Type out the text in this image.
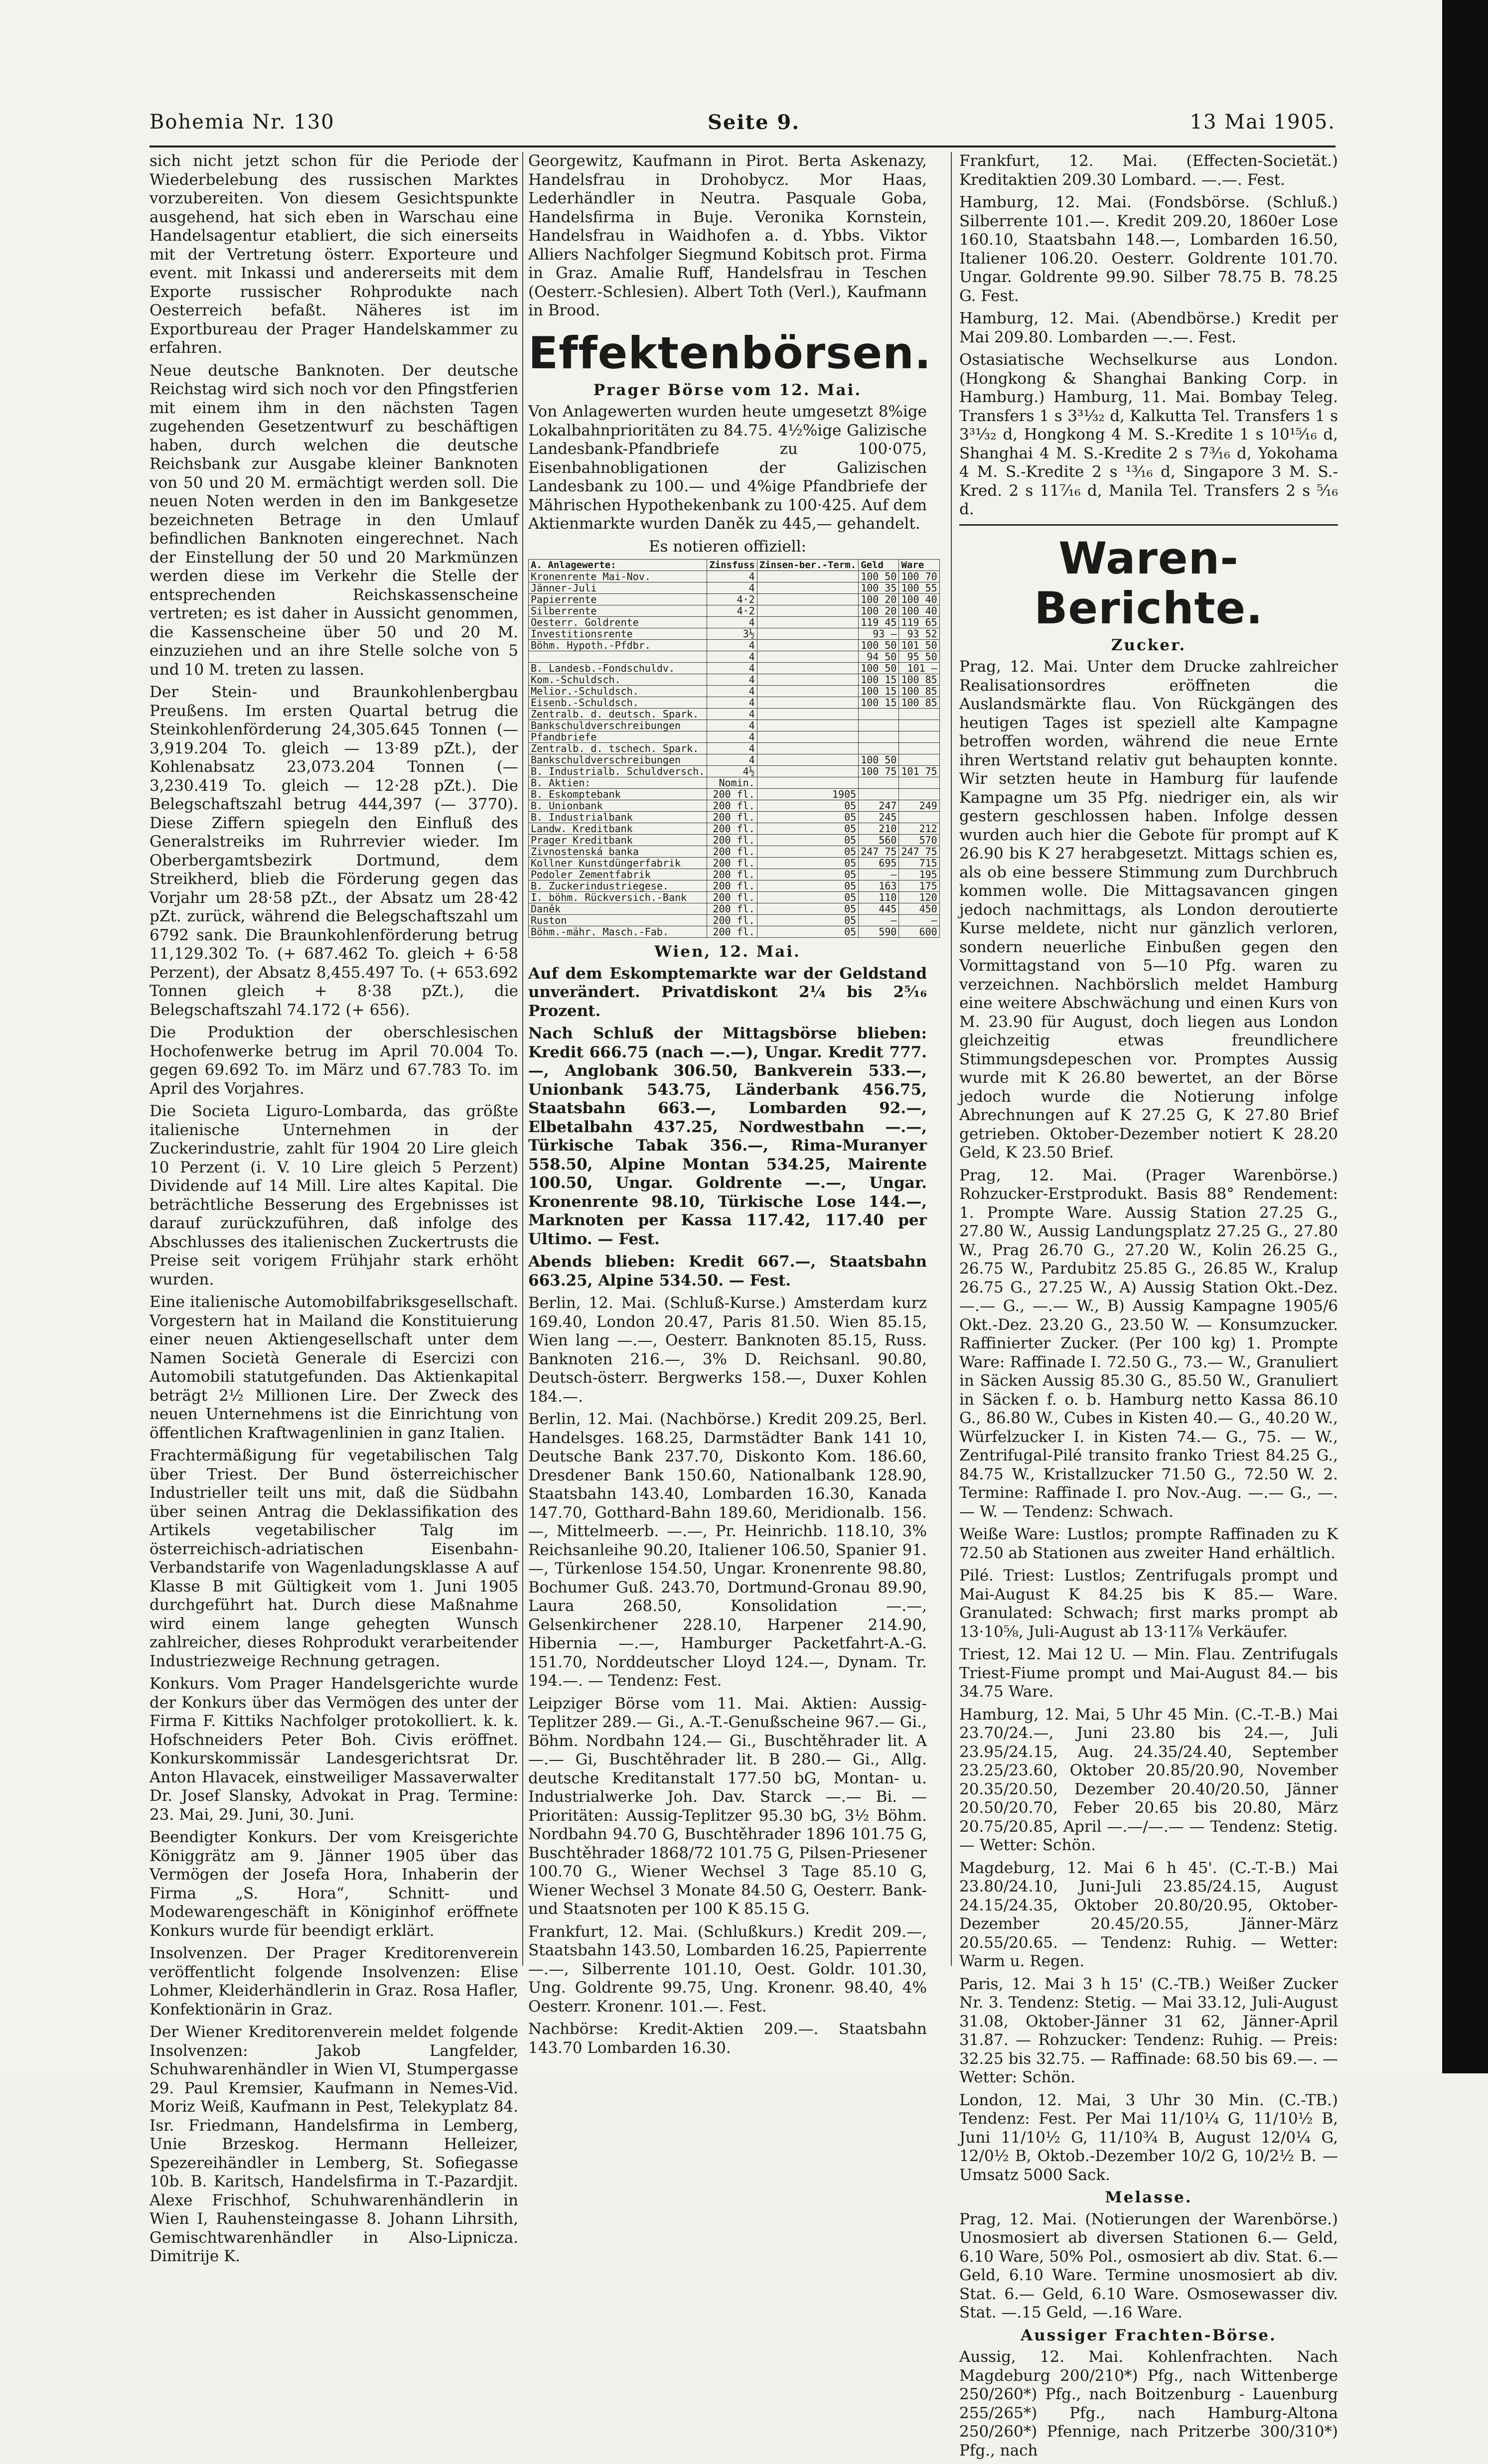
Bohemia Nr. 130	Seite 9.	13 Mai 1905.

sich nicht jetzt schon für die Periode der Wiederbelebung des russischen Marktes vorzubereiten. Von diesem Gesichtspunkte ausgehend, hat sich eben in Warschau eine Handelsagentur etabliert, die sich einerseits mit der Vertretung österr. Exporteure und event. mit Inkassi und andererseits mit dem Exporte russischer Rohprodukte nach Oesterreich befaßt. Näheres ist im Exportbureau der Prager Handelskammer zu erfahren.

Neue deutsche Banknoten. Der deutsche Reichstag wird sich noch vor den Pfingstferien mit einem ihm in den nächsten Tagen zugehenden Gesetzentwurf zu beschäftigen haben, durch welchen die deutsche Reichsbank zur Ausgabe kleiner Banknoten von 50 und 20 M. ermächtigt werden soll. Die neuen Noten werden in den im Bankgesetze bezeichneten Betrage in den Umlauf befindlichen Banknoten eingerechnet. Nach der Einstellung der 50 und 20 Markmünzen werden diese im Verkehr die Stelle der entsprechenden Reichskassenscheine vertreten; es ist daher in Aussicht genommen, die Kassenscheine über 50 und 20 M. einzuziehen und an ihre Stelle solche von 5 und 10 M. treten zu lassen.

Der Stein- und Braunkohlenbergbau Preußens. Im ersten Quartal betrug die Steinkohlenförderung 24,305.645 Tonnen (— 3,919.204 To. gleich — 13·89 pZt.), der Kohlenabsatz 23,073.204 Tonnen (— 3,230.419 To. gleich — 12·28 pZt.). Die Belegschaftszahl betrug 444,397 (— 3770). Diese Ziffern spiegeln den Einfluß des Generalstreiks im Ruhrrevier wieder. Im Oberbergamtsbezirk Dortmund, dem Streikherd, blieb die Förderung gegen das Vorjahr um 28·58 pZt., der Absatz um 28·42 pZt. zurück, während die Belegschaftszahl um 6792 sank. Die Braunkohlenförderung betrug 11,129.302 To. (+ 687.462 To. gleich + 6·58 Perzent), der Absatz 8,455.497 To. (+ 653.692 Tonnen gleich + 8·38 pZt.), die Belegschaftszahl 74.172 (+ 656).

Die Produktion der oberschlesischen Hochofenwerke betrug im April 70.004 To. gegen 69.692 To. im März und 67.783 To. im April des Vorjahres.

Die Societa Liguro-Lombarda, das größte italienische Unternehmen in der Zuckerindustrie, zahlt für 1904 20 Lire gleich 10 Perzent (i. V. 10 Lire gleich 5 Perzent) Dividende auf 14 Mill. Lire altes Kapital. Die beträchtliche Besserung des Ergebnisses ist darauf zurückzuführen, daß infolge des Abschlusses des italienischen Zuckertrusts die Preise seit vorigem Frühjahr stark erhöht wurden.

Eine italienische Automobilfabriksgesellschaft. Vorgestern hat in Mailand die Konstituierung einer neuen Aktiengesellschaft unter dem Namen Società Generale di Esercizi con Automobili statutgefunden. Das Aktienkapital beträgt 2½ Millionen Lire. Der Zweck des neuen Unternehmens ist die Einrichtung von öffentlichen Kraftwagenlinien in ganz Italien.

Frachtermäßigung für vegetabilischen Talg über Triest. Der Bund österreichischer Industrieller teilt uns mit, daß die Südbahn über seinen Antrag die Deklassifikation des Artikels vegetabilischer Talg im österreichisch-adriatischen Eisenbahn-Verbandstarife von Wagenladungsklasse A auf Klasse B mit Gültigkeit vom 1. Juni 1905 durchgeführt hat. Durch diese Maßnahme wird einem lange gehegten Wunsch zahlreicher, dieses Rohprodukt verarbeitender Industriezweige Rechnung getragen.

Konkurs. Vom Prager Handelsgerichte wurde der Konkurs über das Vermögen des unter der Firma F. Kittiks Nachfolger protokolliert. k. k. Hofschneiders Peter Boh. Civis eröffnet. Konkurskommissär Landesgerichtsrat Dr. Anton Hlavacek, einstweiliger Massaverwalter Dr. Josef Slansky, Advokat in Prag. Termine: 23. Mai, 29. Juni, 30. Juni.

Beendigter Konkurs. Der vom Kreisgerichte Königgrätz am 9. Jänner 1905 über das Vermögen der Josefa Hora, Inhaberin der Firma „S. Hora“, Schnitt- und Modewarengeschäft in Königinhof eröffnete Konkurs wurde für beendigt erklärt.

Insolvenzen. Der Prager Kreditorenverein veröffentlicht folgende Insolvenzen: Elise Lohmer, Kleiderhändlerin in Graz. Rosa Hafler, Konfektionärin in Graz.

Der Wiener Kreditorenverein meldet folgende Insolvenzen: Jakob Langfelder, Schuhwarenhändler in Wien VI, Stumpergasse 29. Paul Kremsier, Kaufmann in Nemes-Vid. Moriz Weiß, Kaufmann in Pest, Telekyplatz 84. Isr. Friedmann, Handelsfirma in Lemberg, Unie Brzeskog. Hermann Helleizer, Spezereihändler in Lemberg, St. Sofiegasse 10b. B. Karitsch, Handelsfirma in T.-Pazardjit. Alexe Frischhof, Schuhwarenhändlerin in Wien I, Rauhensteingasse 8. Johann Lihrsith, Gemischtwarenhändler in Also-Lipnicza. Dimitrije K.

Georgewitz, Kaufmann in Pirot. Berta Askenazy, Handelsfrau in Drohobycz. Mor Haas, Lederhändler in Neutra. Pasquale Goba, Handelsfirma in Buje. Veronika Kornstein, Handelsfrau in Waidhofen a. d. Ybbs. Viktor Alliers Nachfolger Siegmund Kobitsch prot. Firma in Graz. Amalie Ruff, Handelsfrau in Teschen (Oesterr.-Schlesien). Albert Toth (Verl.), Kaufmann in Brood.

Effektenbörsen.
Prager Börse vom 12. Mai.

Von Anlagewerten wurden heute umgesetzt 8%ige Lokalbahnprioritäten zu 84.75. 4½%ige Galizische Landesbank-Pfandbriefe zu 100·075, Eisenbahnobligationen der Galizischen Landesbank zu 100.— und 4%ige Pfandbriefe der Mährischen Hypothekenbank zu 100·425. Auf dem Aktienmarkte wurden Daněk zu 445,— gehandelt.

Es notieren offiziell:
A. Anlagewerte:	Zinsfuss	Zinsen-ber.-Term.	Geld	Ware
Kronenrente Mai-Nov.	4		100 50	100 70
Jänner-Juli	4		100 35	100 55
Papierrente	4·2		100 20	100 40
Silberrente	4·2		100 20	100 40
Oesterr. Goldrente	4		119 45	119 65
Investitionsrente	3½		93 —	93 52
Böhm. Hypoth.-Pfdbr.	4		100 50	101 50
	4		94 50	95 50
B. Landesb.-Fondschuldv.	4		100 50	101 —
Kom.-Schuldsch.	4		100 15	100 85
Melior.-Schuldsch.	4		100 15	100 85
Eisenb.-Schuldsch.	4		100 15	100 85
Zentralb. d. deutsch. Spark.	4			
Bankschuldverschreibungen	4			
Pfandbriefe	4			
Zentralb. d. tschech. Spark.	4			
Bankschuldverschreibungen	4		100 50	
B. Industrialb. Schuldversch.	4½		100 75	101 75
B. Aktien:	Nomin.			
B. Eskomptebank	200 fl.	1905		
B. Unionbank	200 fl.	05	247	249
B. Industrialbank	200 fl.	05	245	
Landw. Kreditbank	200 fl.	05	210	212
Prager Kreditbank	200 fl.	05	560	570
Zivnostenská banka	200 fl.	05	247 75	247 75
Kollner Kunstdüngerfabrik	200 fl.	05	695	715
Podoler Zementfabrik	200 fl.	05	—	195
B. Zuckerindustriegese.	200 fl.	05	163	175
I. böhm. Rückversich.-Bank	200 fl.	05	110	120
Daněk	200 fl.	05	445	450
Ruston	200 fl.	05	—	—
Böhm.-mähr. Masch.-Fab.	200 fl.	05	590	600
Wien, 12. Mai.

Auf dem Eskomptemarkte war der Geldstand unverändert. Privatdiskont 2¼ bis 2⁵⁄₁₆ Prozent.

Nach Schluß der Mittagsbörse blieben: Kredit 666.75 (nach —.—), Ungar. Kredit 777.—, Anglobank 306.50, Bankverein 533.—, Unionbank 543.75, Länderbank 456.75, Staatsbahn 663.—, Lombarden 92.—, Elbetalbahn 437.25, Nordwestbahn —.—, Türkische Tabak 356.—, Rima-Muranyer 558.50, Alpine Montan 534.25, Mairente 100.50, Ungar. Goldrente —.—, Ungar. Kronenrente 98.10, Türkische Lose 144.—, Marknoten per Kassa 117.42, 117.40 per Ultimo. — Fest.

Abends blieben: Kredit 667.—, Staatsbahn 663.25, Alpine 534.50. — Fest.

Berlin, 12. Mai. (Schluß-Kurse.) Amsterdam kurz 169.40, London 20.47, Paris 81.50. Wien 85.15, Wien lang —.—, Oesterr. Banknoten 85.15, Russ. Banknoten 216.—, 3% D. Reichsanl. 90.80, Deutsch-österr. Bergwerks 158.—, Duxer Kohlen 184.—.

Berlin, 12. Mai. (Nachbörse.) Kredit 209.25, Berl. Handelsges. 168.25, Darmstädter Bank 141 10, Deutsche Bank 237.70, Diskonto Kom. 186.60, Dresdener Bank 150.60, Nationalbank 128.90, Staatsbahn 143.40, Lombarden 16.30, Kanada 147.70, Gotthard-Bahn 189.60, Meridionalb. 156.—, Mittelmeerb. —.—, Pr. Heinrichb. 118.10, 3% Reichsanleihe 90.20, Italiener 106.50, Spanier 91.—, Türkenlose 154.50, Ungar. Kronenrente 98.80, Bochumer Guß. 243.70, Dortmund-Gronau 89.90, Laura 268.50, Konsolidation —.—, Gelsenkirchener 228.10, Harpener 214.90, Hibernia —.—, Hamburger Packetfahrt-A.-G. 151.70, Norddeutscher Lloyd 124.—, Dynam. Tr. 194.—. — Tendenz: Fest.

Leipziger Börse vom 11. Mai. Aktien: Aussig-Teplitzer 289.— Gi., A.-T.-Genußscheine 967.— Gi., Böhm. Nordbahn 124.— Gi., Buschtěhrader lit. A —.— Gi, Buschtěhrader lit. B 280.— Gi., Allg. deutsche Kreditanstalt 177.50 bG, Montan- u. Industrialwerke Joh. Dav. Starck —.— Bi. — Prioritäten: Aussig-Teplitzer 95.30 bG, 3½ Böhm. Nordbahn 94.70 G, Buschtěhrader 1896 101.75 G, Buschtěhrader 1868/72 101.75 G, Pilsen-Priesener 100.70 G., Wiener Wechsel 3 Tage 85.10 G, Wiener Wechsel 3 Monate 84.50 G, Oesterr. Bank- und Staatsnoten per 100 K 85.15 G.

Frankfurt, 12. Mai. (Schlußkurs.) Kredit 209.—, Staatsbahn 143.50, Lombarden 16.25, Papierrente —.—, Silberrente 101.10, Oest. Goldr. 101.30, Ung. Goldrente 99.75, Ung. Kronenr. 98.40, 4% Oesterr. Kronenr. 101.—. Fest.

Nachbörse: Kredit-Aktien 209.—. Staatsbahn 143.70 Lombarden 16.30.

Frankfurt, 12. Mai. (Effecten-Societät.) Kreditaktien 209.30 Lombard. —.—. Fest.

Hamburg, 12. Mai. (Fondsbörse. (Schluß.) Silberrente 101.—. Kredit 209.20, 1860er Lose 160.10, Staatsbahn 148.—, Lombarden 16.50, Italiener 106.20. Oesterr. Goldrente 101.70. Ungar. Goldrente 99.90. Silber 78.75 B. 78.25 G. Fest.

Hamburg, 12. Mai. (Abendbörse.) Kredit per Mai 209.80. Lombarden —.—. Fest.

Ostasiatische Wechselkurse aus London. (Hongkong & Shanghai Banking Corp. in Hamburg.) Hamburg, 11. Mai. Bombay Teleg. Transfers 1 s 3³¹⁄₃₂ d, Kalkutta Tel. Transfers 1 s 3³¹⁄₃₂ d, Hongkong 4 M. S.-Kredite 1 s 10¹⁵⁄₁₆ d, Shanghai 4 M. S.-Kredite 2 s 7³⁄₁₆ d, Yokohama 4 M. S.-Kredite 2 s ¹³⁄₁₆ d, Singapore 3 M. S.-Kred. 2 s 11⁷⁄₁₆ d, Manila Tel. Transfers 2 s ⁵⁄₁₆ d.

Waren-Berichte.
Zucker.

Prag, 12. Mai. Unter dem Drucke zahlreicher Realisationsordres eröffneten die Auslandsmärkte flau. Von Rückgängen des heutigen Tages ist speziell alte Kampagne betroffen worden, während die neue Ernte ihren Wertstand relativ gut behaupten konnte. Wir setzten heute in Hamburg für laufende Kampagne um 35 Pfg. niedriger ein, als wir gestern geschlossen haben. Infolge dessen wurden auch hier die Gebote für prompt auf K 26.90 bis K 27 herabgesetzt. Mittags schien es, als ob eine bessere Stimmung zum Durchbruch kommen wolle. Die Mittagsavancen gingen jedoch nachmittags, als London deroutierte Kurse meldete, nicht nur gänzlich verloren, sondern neuerliche Einbußen gegen den Vormittagstand von 5—10 Pfg. waren zu verzeichnen. Nachbörslich meldet Hamburg eine weitere Abschwächung und einen Kurs von M. 23.90 für August, doch liegen aus London gleichzeitig etwas freundlichere Stimmungsdepeschen vor. Promptes Aussig wurde mit K 26.80 bewertet, an der Börse jedoch wurde die Notierung infolge Abrechnungen auf K 27.25 G, K 27.80 Brief getrieben. Oktober-Dezember notiert K 28.20 Geld, K 23.50 Brief.

Prag, 12. Mai. (Prager Warenbörse.) Rohzucker-Erstprodukt. Basis 88° Rendement: 1. Prompte Ware. Aussig Station 27.25 G., 27.80 W., Aussig Landungsplatz 27.25 G., 27.80 W., Prag 26.70 G., 27.20 W., Kolin 26.25 G., 26.75 W., Pardubitz 25.85 G., 26.85 W., Kralup 26.75 G., 27.25 W., A) Aussig Station Okt.-Dez. —.— G., —.— W., B) Aussig Kampagne 1905/6 Okt.-Dez. 23.20 G., 23.50 W. — Konsumzucker. Raffinierter Zucker. (Per 100 kg) 1. Prompte Ware: Raffinade I. 72.50 G., 73.— W., Granuliert in Säcken Aussig 85.30 G., 85.50 W., Granuliert in Säcken f. o. b. Hamburg netto Kassa 86.10 G., 86.80 W., Cubes in Kisten 40.— G., 40.20 W., Würfelzucker I. in Kisten 74.— G., 75. — W., Zentrifugal-Pilé transito franko Triest 84.25 G., 84.75 W., Kristallzucker 71.50 G., 72.50 W. 2. Termine: Raffinade I. pro Nov.-Aug. —.— G., —.— W. — Tendenz: Schwach.

Weiße Ware: Lustlos; prompte Raffinaden zu K 72.50 ab Stationen aus zweiter Hand erhältlich.

Pilé. Triest: Lustlos; Zentrifugals prompt und Mai-August K 84.25 bis K 85.— Ware. Granulated: Schwach; first marks prompt ab 13·10⁵⁄₈, Juli-August ab 13·11⁷⁄₈ Verkäufer.

Triest, 12. Mai 12 U. — Min. Flau. Zentrifugals Triest-Fiume prompt und Mai-August 84.— bis 34.75 Ware.

Hamburg, 12. Mai, 5 Uhr 45 Min. (C.-T.-B.) Mai 23.70/24.—, Juni 23.80 bis 24.—, Juli 23.95/24.15, Aug. 24.35/24.40, September 23.25/23.60, Oktober 20.85/20.90, November 20.35/20.50, Dezember 20.40/20.50, Jänner 20.50/20.70, Feber 20.65 bis 20.80, März 20.75/20.85, April —.—/—.— — Tendenz: Stetig. — Wetter: Schön.

Magdeburg, 12. Mai 6 h 45'. (C.-T.-B.) Mai 23.80/24.10, Juni-Juli 23.85/24.15, August 24.15/24.35, Oktober 20.80/20.95, Oktober-Dezember 20.45/20.55, Jänner-März 20.55/20.65. — Tendenz: Ruhig. — Wetter: Warm u. Regen.

Paris, 12. Mai 3 h 15' (C.-TB.) Weißer Zucker Nr. 3. Tendenz: Stetig. — Mai 33.12, Juli-August 31.08, Oktober-Jänner 31 62, Jänner-April 31.87. — Rohzucker: Tendenz: Ruhig. — Preis: 32.25 bis 32.75. — Raffinade: 68.50 bis 69.—. — Wetter: Schön.

London, 12. Mai, 3 Uhr 30 Min. (C.-TB.) Tendenz: Fest. Per Mai 11/10¼ G, 11/10½ B, Juni 11/10½ G, 11/10¾ B, August 12/0¼ G, 12/0½ B, Oktob.-Dezember 10/2 G, 10/2½ B. — Umsatz 5000 Sack.

Melasse.

Prag, 12. Mai. (Notierungen der Warenbörse.) Unosmosiert ab diversen Stationen 6.— Geld, 6.10 Ware, 50% Pol., osmosiert ab div. Stat. 6.— Geld, 6.10 Ware. Termine unosmosiert ab div. Stat. 6.— Geld, 6.10 Ware. Osmosewasser div. Stat. —.15 Geld, —.16 Ware.

Aussiger Frachten-Börse.

Aussig, 12. Mai. Kohlenfrachten. Nach Magdeburg 200/210*) Pfg., nach Wittenberge 250/260*) Pfg., nach Boitzenburg - Lauenburg 255/265*) Pfg., nach Hamburg-Altona 250/260*) Pfennige, nach Pritzerbe 300/310*) Pfg., nach
